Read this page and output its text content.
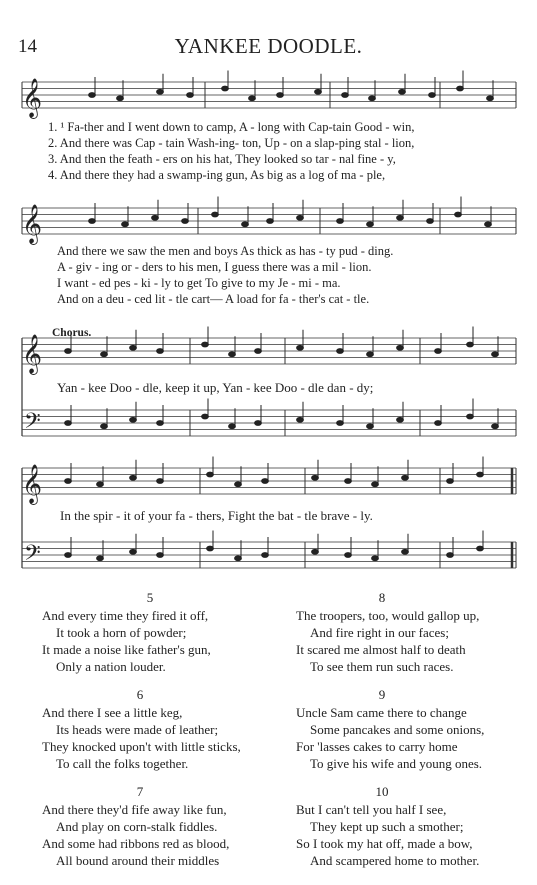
14	YANKEE DOODLE.
𝄞
𝄞
𝄞
𝄢
𝄞
𝄢
1. ¹ Fa-ther and I went down to camp, A - long with Cap-tain Good - win,
2. And there was Cap - tain Wash-ing- ton, Up - on a slap-ping stal - lion,
3. And then the feath - ers on his hat, They looked so tar - nal fine - y,
4. And there they had a swamp-ing gun, As big as a log of ma - ple,
And there we saw the men and boys As thick as has - ty pud - ding.
A - giv - ing or - ders to his men, I guess there was a mil - lion.
I want - ed pes - ki - ly to get To give to my Je - mi - ma.
And on a deu - ced lit - tle cart— A load for fa - ther's cat - tle.
Chorus.
Yan - kee Doo - dle, keep it up, Yan - kee Doo - dle dan - dy;
In the spir - it of your fa - thers, Fight the bat - tle brave - ly.
5
And every time they fired it off,
It took a horn of powder;
It made a noise like father's gun,
Only a nation louder.
8
The troopers, too, would gallop up,
And fire right in our faces;
It scared me almost half to death
To see them run such races.
6
And there I see a little keg,
Its heads were made of leather;
They knocked upon't with little sticks,
To call the folks together.
9
Uncle Sam came there to change
Some pancakes and some onions,
For 'lasses cakes to carry home
To give his wife and young ones.
7
And there they'd fife away like fun,
And play on corn-stalk fiddles.
And some had ribbons red as blood,
All bound around their middles
10
But I can't tell you half I see,
They kept up such a smother;
So I took my hat off, made a bow,
And scampered home to mother.
